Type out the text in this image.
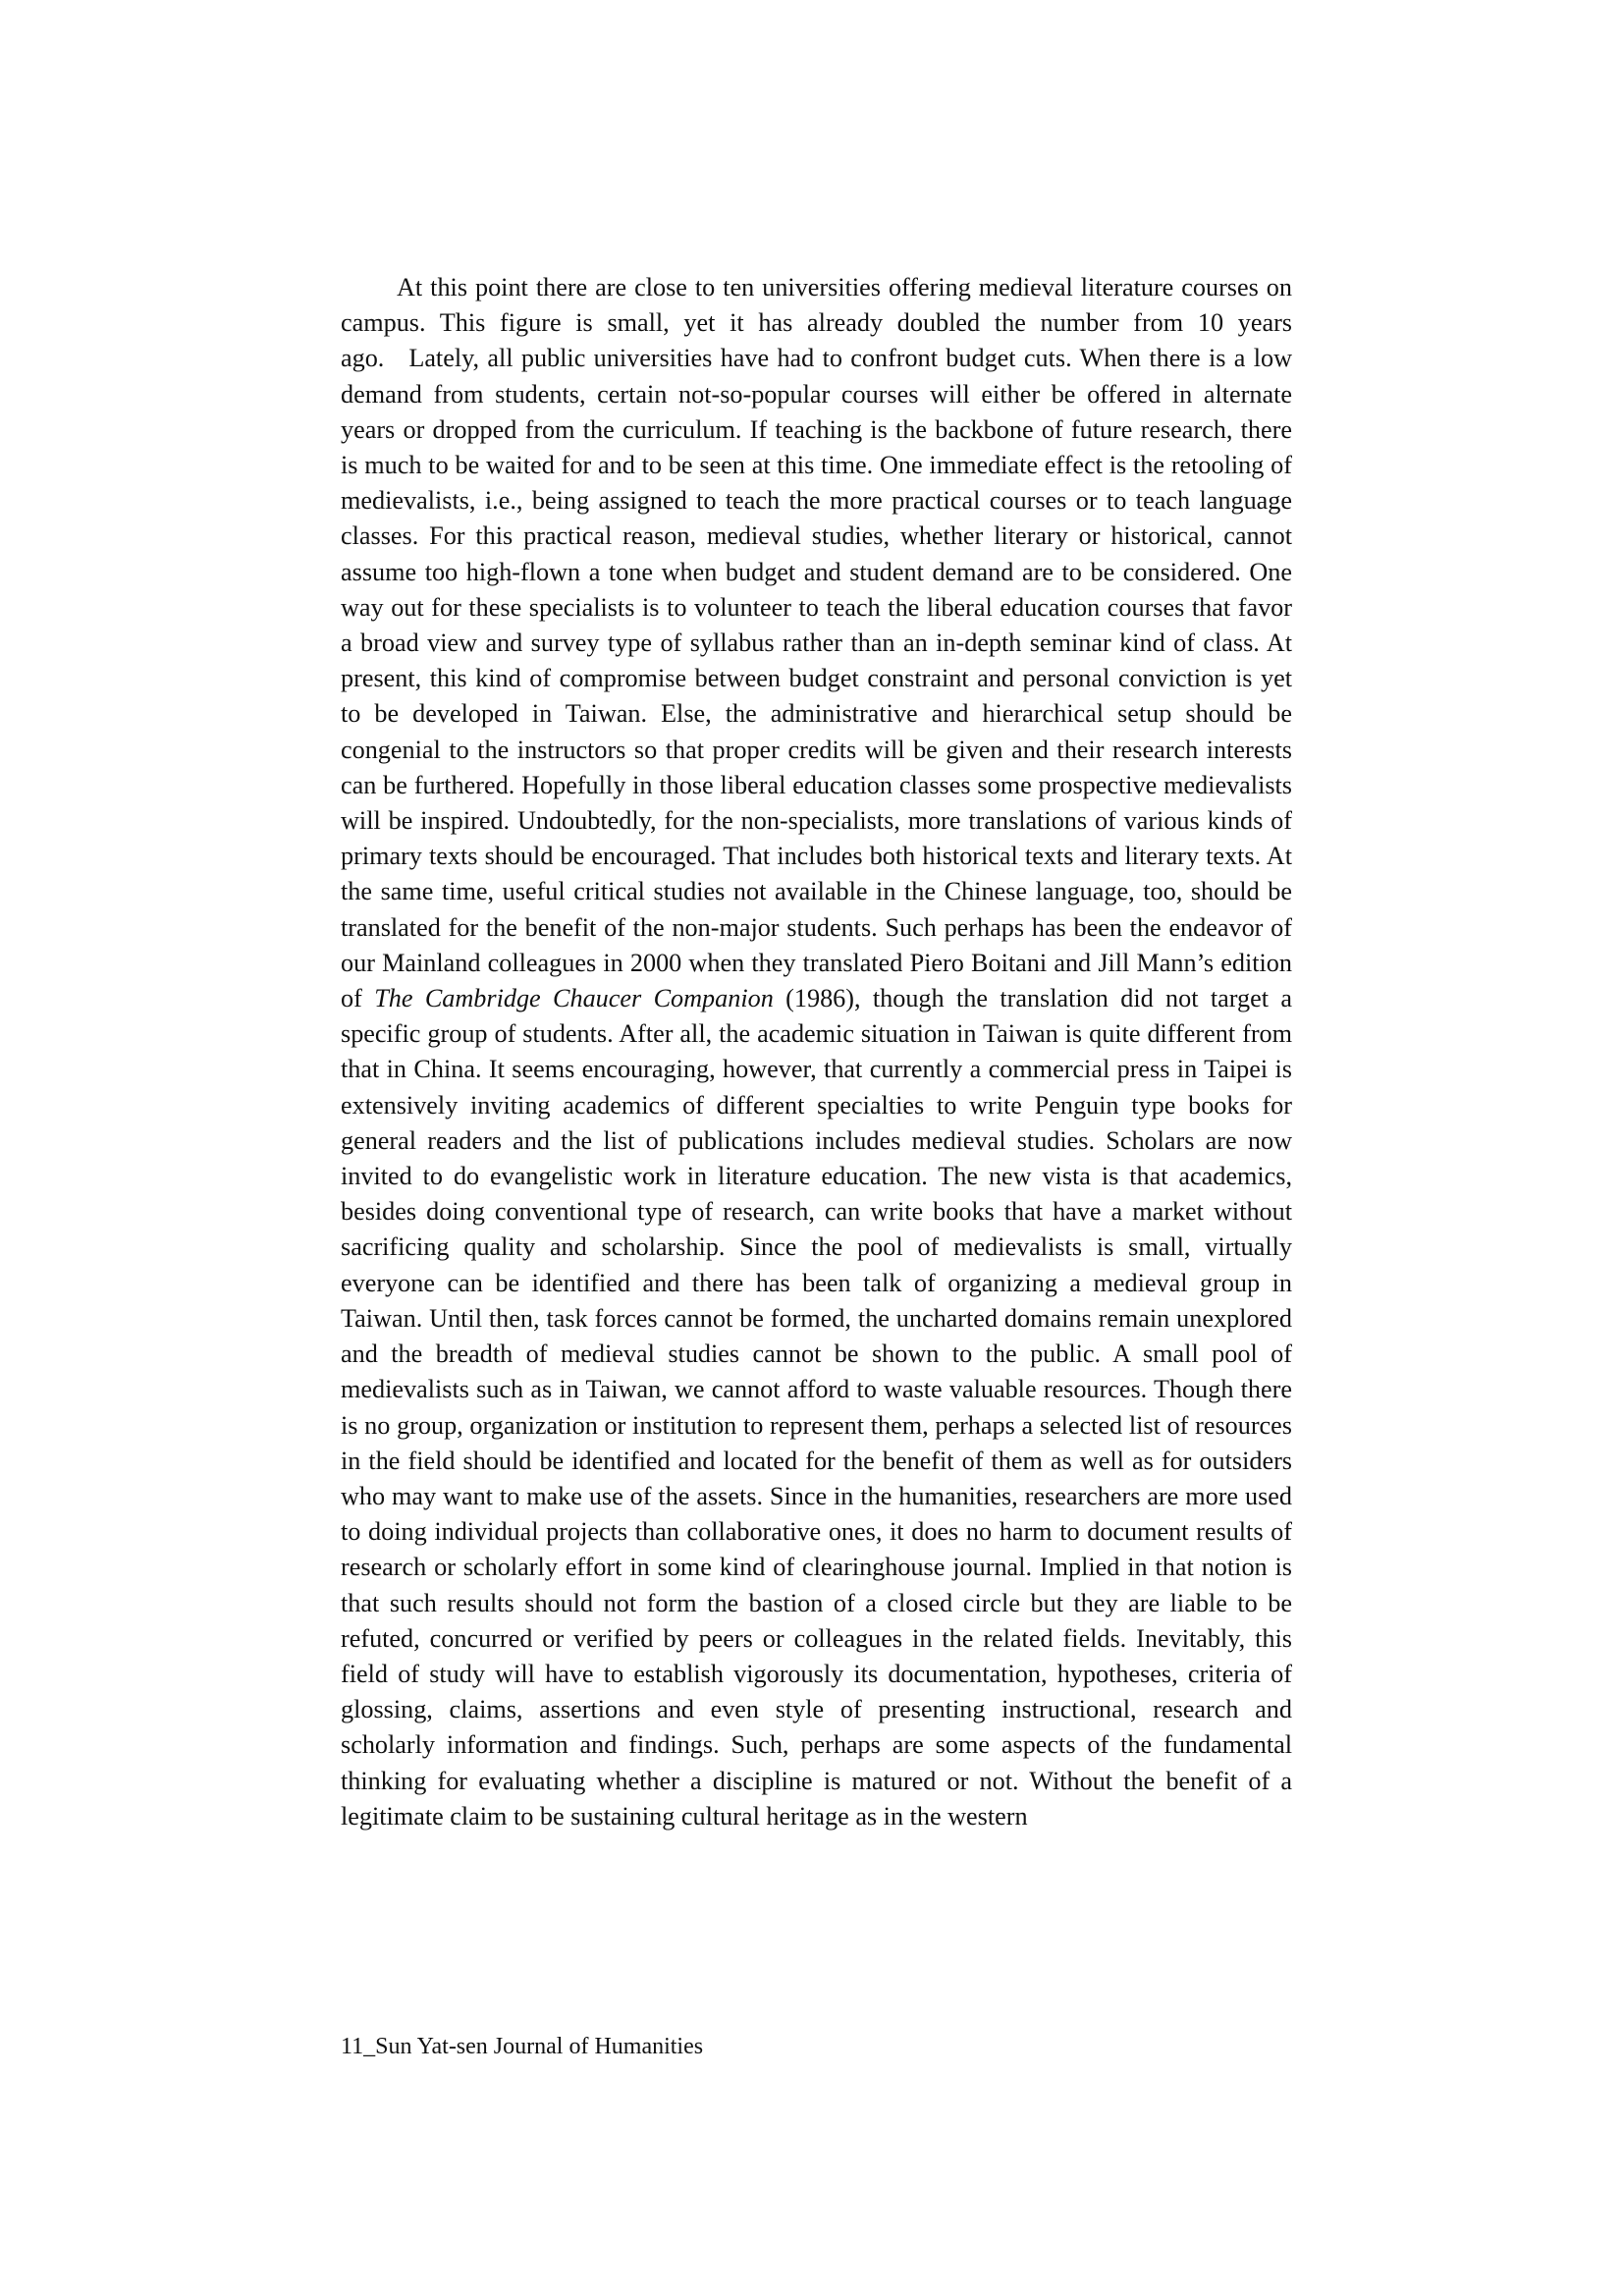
At this point there are close to ten universities offering medieval literature courses on campus. This figure is small, yet it has already doubled the number from 10 years ago.   Lately, all public universities have had to confront budget cuts. When there is a low demand from students, certain not-so-popular courses will either be offered in alternate years or dropped from the curriculum. If teaching is the backbone of future research, there is much to be waited for and to be seen at this time. One immediate effect is the retooling of medievalists, i.e., being assigned to teach the more practical courses or to teach language classes. For this practical reason, medieval studies, whether literary or historical, cannot assume too high-flown a tone when budget and student demand are to be considered. One way out for these specialists is to volunteer to teach the liberal education courses that favor a broad view and survey type of syllabus rather than an in-depth seminar kind of class. At present, this kind of compromise between budget constraint and personal conviction is yet to be developed in Taiwan. Else, the administrative and hierarchical setup should be congenial to the instructors so that proper credits will be given and their research interests can be furthered. Hopefully in those liberal education classes some prospective medievalists will be inspired. Undoubtedly, for the non-specialists, more translations of various kinds of primary texts should be encouraged. That includes both historical texts and literary texts. At the same time, useful critical studies not available in the Chinese language, too, should be translated for the benefit of the non-major students. Such perhaps has been the endeavor of our Mainland colleagues in 2000 when they translated Piero Boitani and Jill Mann’s edition of The Cambridge Chaucer Companion (1986), though the translation did not target a specific group of students. After all, the academic situation in Taiwan is quite different from that in China. It seems encouraging, however, that currently a commercial press in Taipei is extensively inviting academics of different specialties to write Penguin type books for general readers and the list of publications includes medieval studies. Scholars are now invited to do evangelistic work in literature education. The new vista is that academics, besides doing conventional type of research, can write books that have a market without sacrificing quality and scholarship. Since the pool of medievalists is small, virtually everyone can be identified and there has been talk of organizing a medieval group in Taiwan. Until then, task forces cannot be formed, the uncharted domains remain unexplored and the breadth of medieval studies cannot be shown to the public. A small pool of medievalists such as in Taiwan, we cannot afford to waste valuable resources. Though there is no group, organization or institution to represent them, perhaps a selected list of resources in the field should be identified and located for the benefit of them as well as for outsiders who may want to make use of the assets. Since in the humanities, researchers are more used to doing individual projects than collaborative ones, it does no harm to document results of research or scholarly effort in some kind of clearinghouse journal. Implied in that notion is that such results should not form the bastion of a closed circle but they are liable to be refuted, concurred or verified by peers or colleagues in the related fields. Inevitably, this field of study will have to establish vigorously its documentation, hypotheses, criteria of glossing, claims, assertions and even style of presenting instructional, research and scholarly information and findings. Such, perhaps are some aspects of the fundamental thinking for evaluating whether a discipline is matured or not. Without the benefit of a legitimate claim to be sustaining cultural heritage as in the western

11_Sun Yat-sen Journal of Humanities
